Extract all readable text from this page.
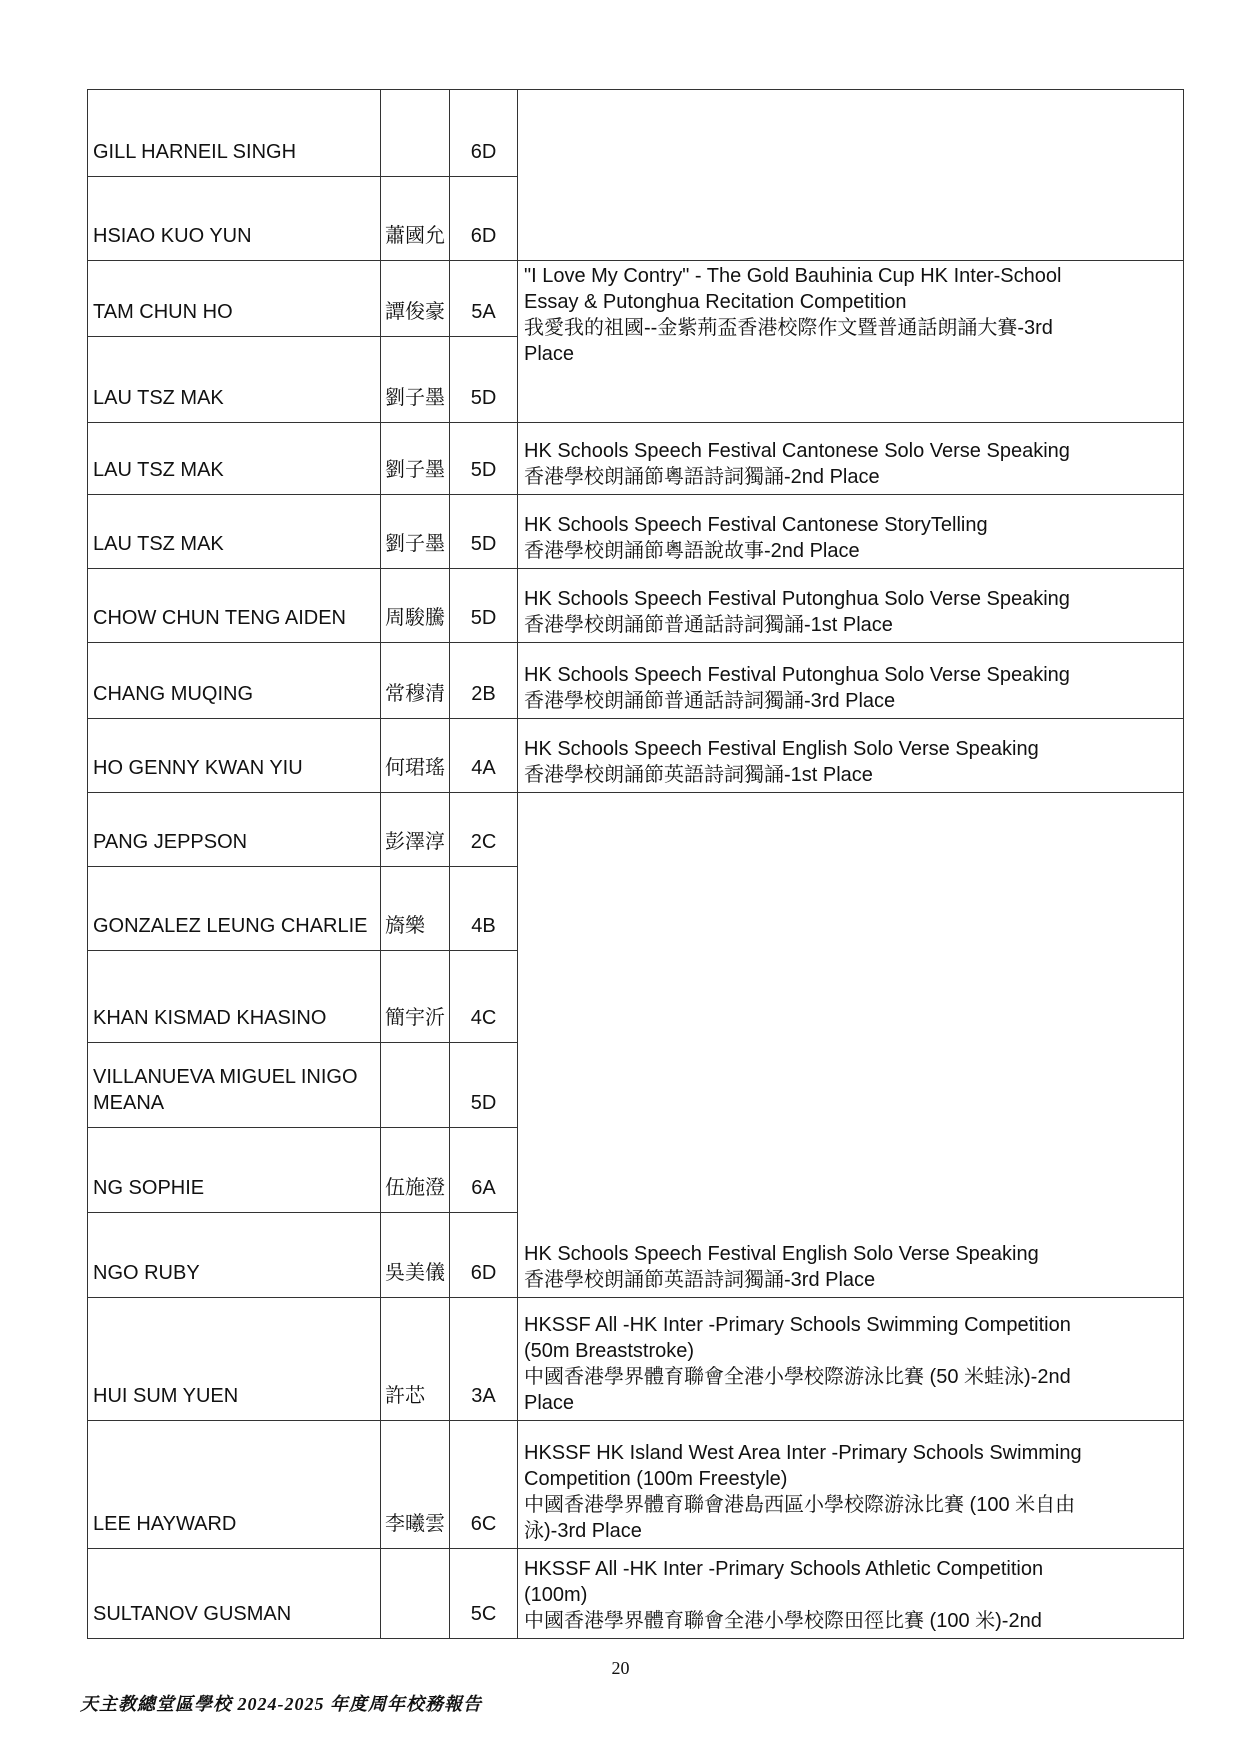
GILL HARNEIL SINGH		6D	

HSIAO KUO YUN	蕭國允	6D	
TAM CHUN HO	譚俊豪	5A	"I Love My Contry" - The Gold Bauhinia Cup HK Inter-School Essay & Putonghua Recitation Competition
我愛我的祖國--金紫荊盃香港校際作文暨普通話朗誦大賽-3rd Place

LAU TSZ MAK	劉子墨	5D	
LAU TSZ MAK	劉子墨	5D	HK Schools Speech Festival Cantonese Solo Verse Speaking
香港學校朗誦節粵語詩詞獨誦-2nd Place

LAU TSZ MAK	劉子墨	5D	HK Schools Speech Festival Cantonese StoryTelling
香港學校朗誦節粵語說故事-2nd Place

CHOW CHUN TENG AIDEN	周駿騰	5D	HK Schools Speech Festival Putonghua Solo Verse Speaking
香港學校朗誦節普通話詩詞獨誦-1st Place

CHANG MUQING	常穆清	2B	HK Schools Speech Festival Putonghua Solo Verse Speaking
香港學校朗誦節普通話詩詞獨誦-3rd Place

HO GENNY KWAN YIU	何珺瑤	4A	HK Schools Speech Festival English Solo Verse Speaking
香港學校朗誦節英語詩詞獨誦-1st Place

PANG JEPPSON	彭澤淳	2C	HK Schools Speech Festival English Solo Verse Speaking
香港學校朗誦節英語詩詞獨誦-3rd Place

GONZALEZ LEUNG CHARLIE	旖樂	4B	
KHAN KISMAD KHASINO	簡宇沂	4C	
VILLANUEVA MIGUEL INIGO MEANA		5D	
NG SOPHIE	伍施澄	6A	
NGO RUBY	吳美儀	6D	
HUI SUM YUEN	許芯	3A	HKSSF All -HK Inter -Primary Schools Swimming Competition (50m Breaststroke)
中國香港學界體育聯會全港小學校際游泳比賽 (50 米蛙泳)-2nd Place

LEE HAYWARD	李曦雲	6C	HKSSF HK Island West Area Inter -Primary Schools Swimming Competition (100m Freestyle)
中國香港學界體育聯會港島西區小學校際游泳比賽 (100 米自由泳)-3rd Place

SULTANOV GUSMAN		5C	HKSSF All -HK Inter -Primary Schools Athletic Competition (100m)
中國香港學界體育聯會全港小學校際田徑比賽 (100 米)-2nd
20
天主教總堂區學校 2024-2025 年度周年校務報告
